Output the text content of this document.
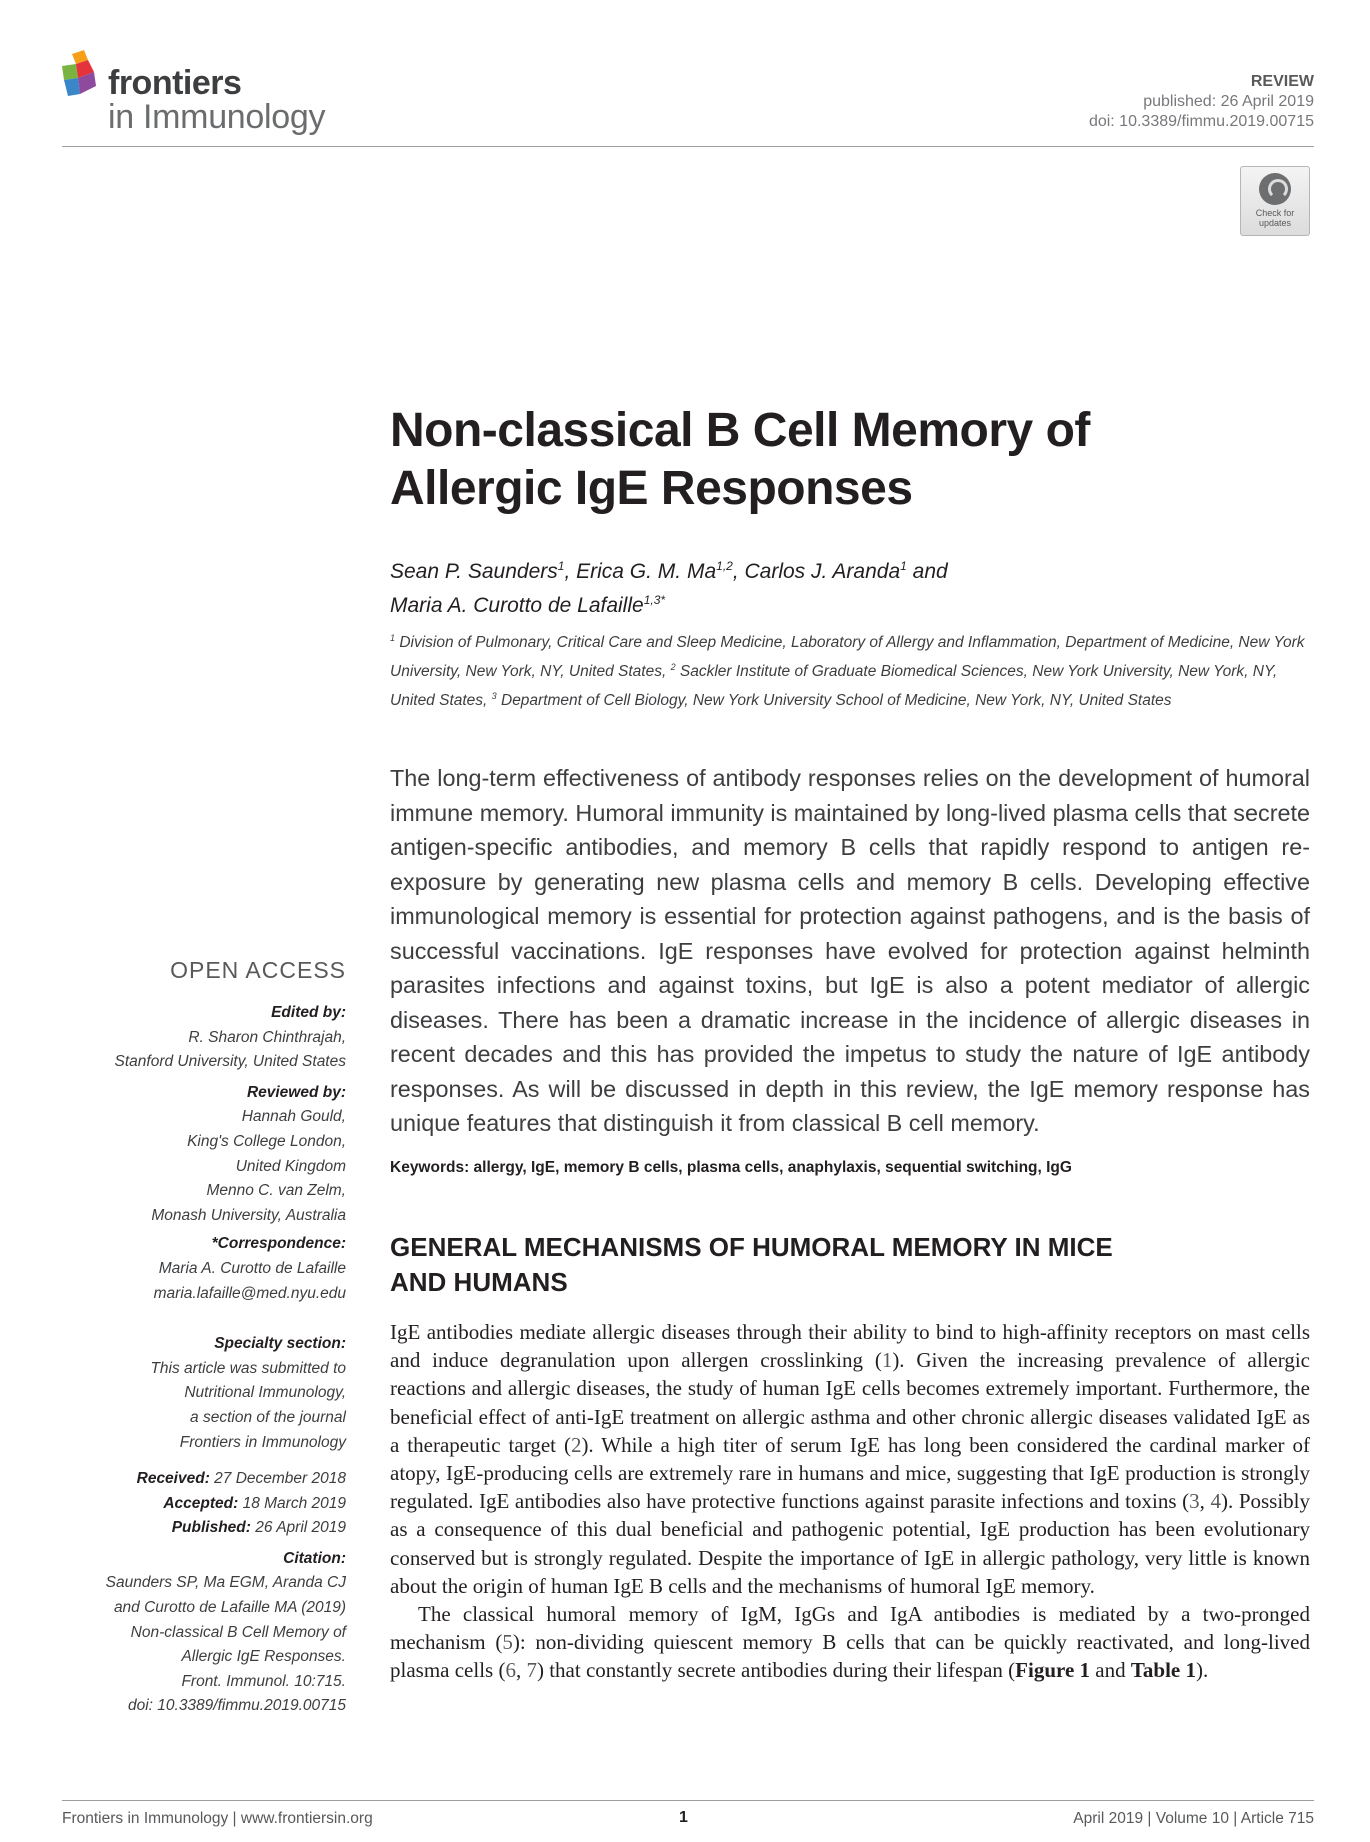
frontiers
in Immunology
REVIEW
published: 26 April 2019
doi: 10.3389/fimmu.2019.00715
Check for
updates
Non-classical B Cell Memory of
Allergic IgE Responses
Sean P. Saunders$^1$, Erica G. M. Ma$^{1,2}$, Carlos J. Aranda$^1$ and
Maria A. Curotto de Lafaille$^{1,3*}$
$^1$ Division of Pulmonary, Critical Care and Sleep Medicine, Laboratory of Allergy and Inflammation, Department of Medicine, New York University, New York, NY, United States, $^2$ Sackler Institute of Graduate Biomedical Sciences, New York University, New York, NY, United States, $^3$ Department of Cell Biology, New York University School of Medicine, New York, NY, United States
The long-term effectiveness of antibody responses relies on the development of humoral immune memory. Humoral immunity is maintained by long-lived plasma cells that secrete antigen-specific antibodies, and memory B cells that rapidly respond to antigen re-exposure by generating new plasma cells and memory B cells. Developing effective immunological memory is essential for protection against pathogens, and is the basis of successful vaccinations. IgE responses have evolved for protection against helminth parasites infections and against toxins, but IgE is also a potent mediator of allergic diseases. There has been a dramatic increase in the incidence of allergic diseases in recent decades and this has provided the impetus to study the nature of IgE antibody responses. As will be discussed in depth in this review, the IgE memory response has unique features that distinguish it from classical B cell memory.
Keywords: allergy, IgE, memory B cells, plasma cells, anaphylaxis, sequential switching, IgG
GENERAL MECHANISMS OF HUMORAL MEMORY IN MICE
AND HUMANS

IgE antibodies mediate allergic diseases through their ability to bind to high-affinity receptors on mast cells and induce degranulation upon allergen crosslinking (1). Given the increasing prevalence of allergic reactions and allergic diseases, the study of human IgE cells becomes extremely important. Furthermore, the beneficial effect of anti-IgE treatment on allergic asthma and other chronic allergic diseases validated IgE as a therapeutic target (2). While a high titer of serum IgE has long been considered the cardinal marker of atopy, IgE-producing cells are extremely rare in humans and mice, suggesting that IgE production is strongly regulated. IgE antibodies also have protective functions against parasite infections and toxins (3, 4). Possibly as a consequence of this dual beneficial and pathogenic potential, IgE production has been evolutionary conserved but is strongly regulated. Despite the importance of IgE in allergic pathology, very little is known about the origin of human IgE B cells and the mechanisms of humoral IgE memory.

The classical humoral memory of IgM, IgGs and IgA antibodies is mediated by a two-pronged mechanism (5): non-dividing quiescent memory B cells that can be quickly reactivated, and long-lived plasma cells (6, 7) that constantly secrete antibodies during their lifespan (Figure 1 and Table 1).

OPEN ACCESS
Edited by:
R. Sharon Chinthrajah,
Stanford University, United States
Reviewed by:
Hannah Gould,
King's College London,
United Kingdom
Menno C. van Zelm,
Monash University, Australia
*Correspondence:
Maria A. Curotto de Lafaille
maria.lafaille@med.nyu.edu
Specialty section:
This article was submitted to
Nutritional Immunology,
a section of the journal
Frontiers in Immunology
Received: 27 December 2018
Accepted: 18 March 2019
Published: 26 April 2019
Citation:
Saunders SP, Ma EGM, Aranda CJ
and Curotto de Lafaille MA (2019)
Non-classical B Cell Memory of
Allergic IgE Responses.
Front. Immunol. 10:715.
doi: 10.3389/fimmu.2019.00715
Frontiers in Immunology | www.frontiersin.org	1	April 2019 | Volume 10 | Article 715
